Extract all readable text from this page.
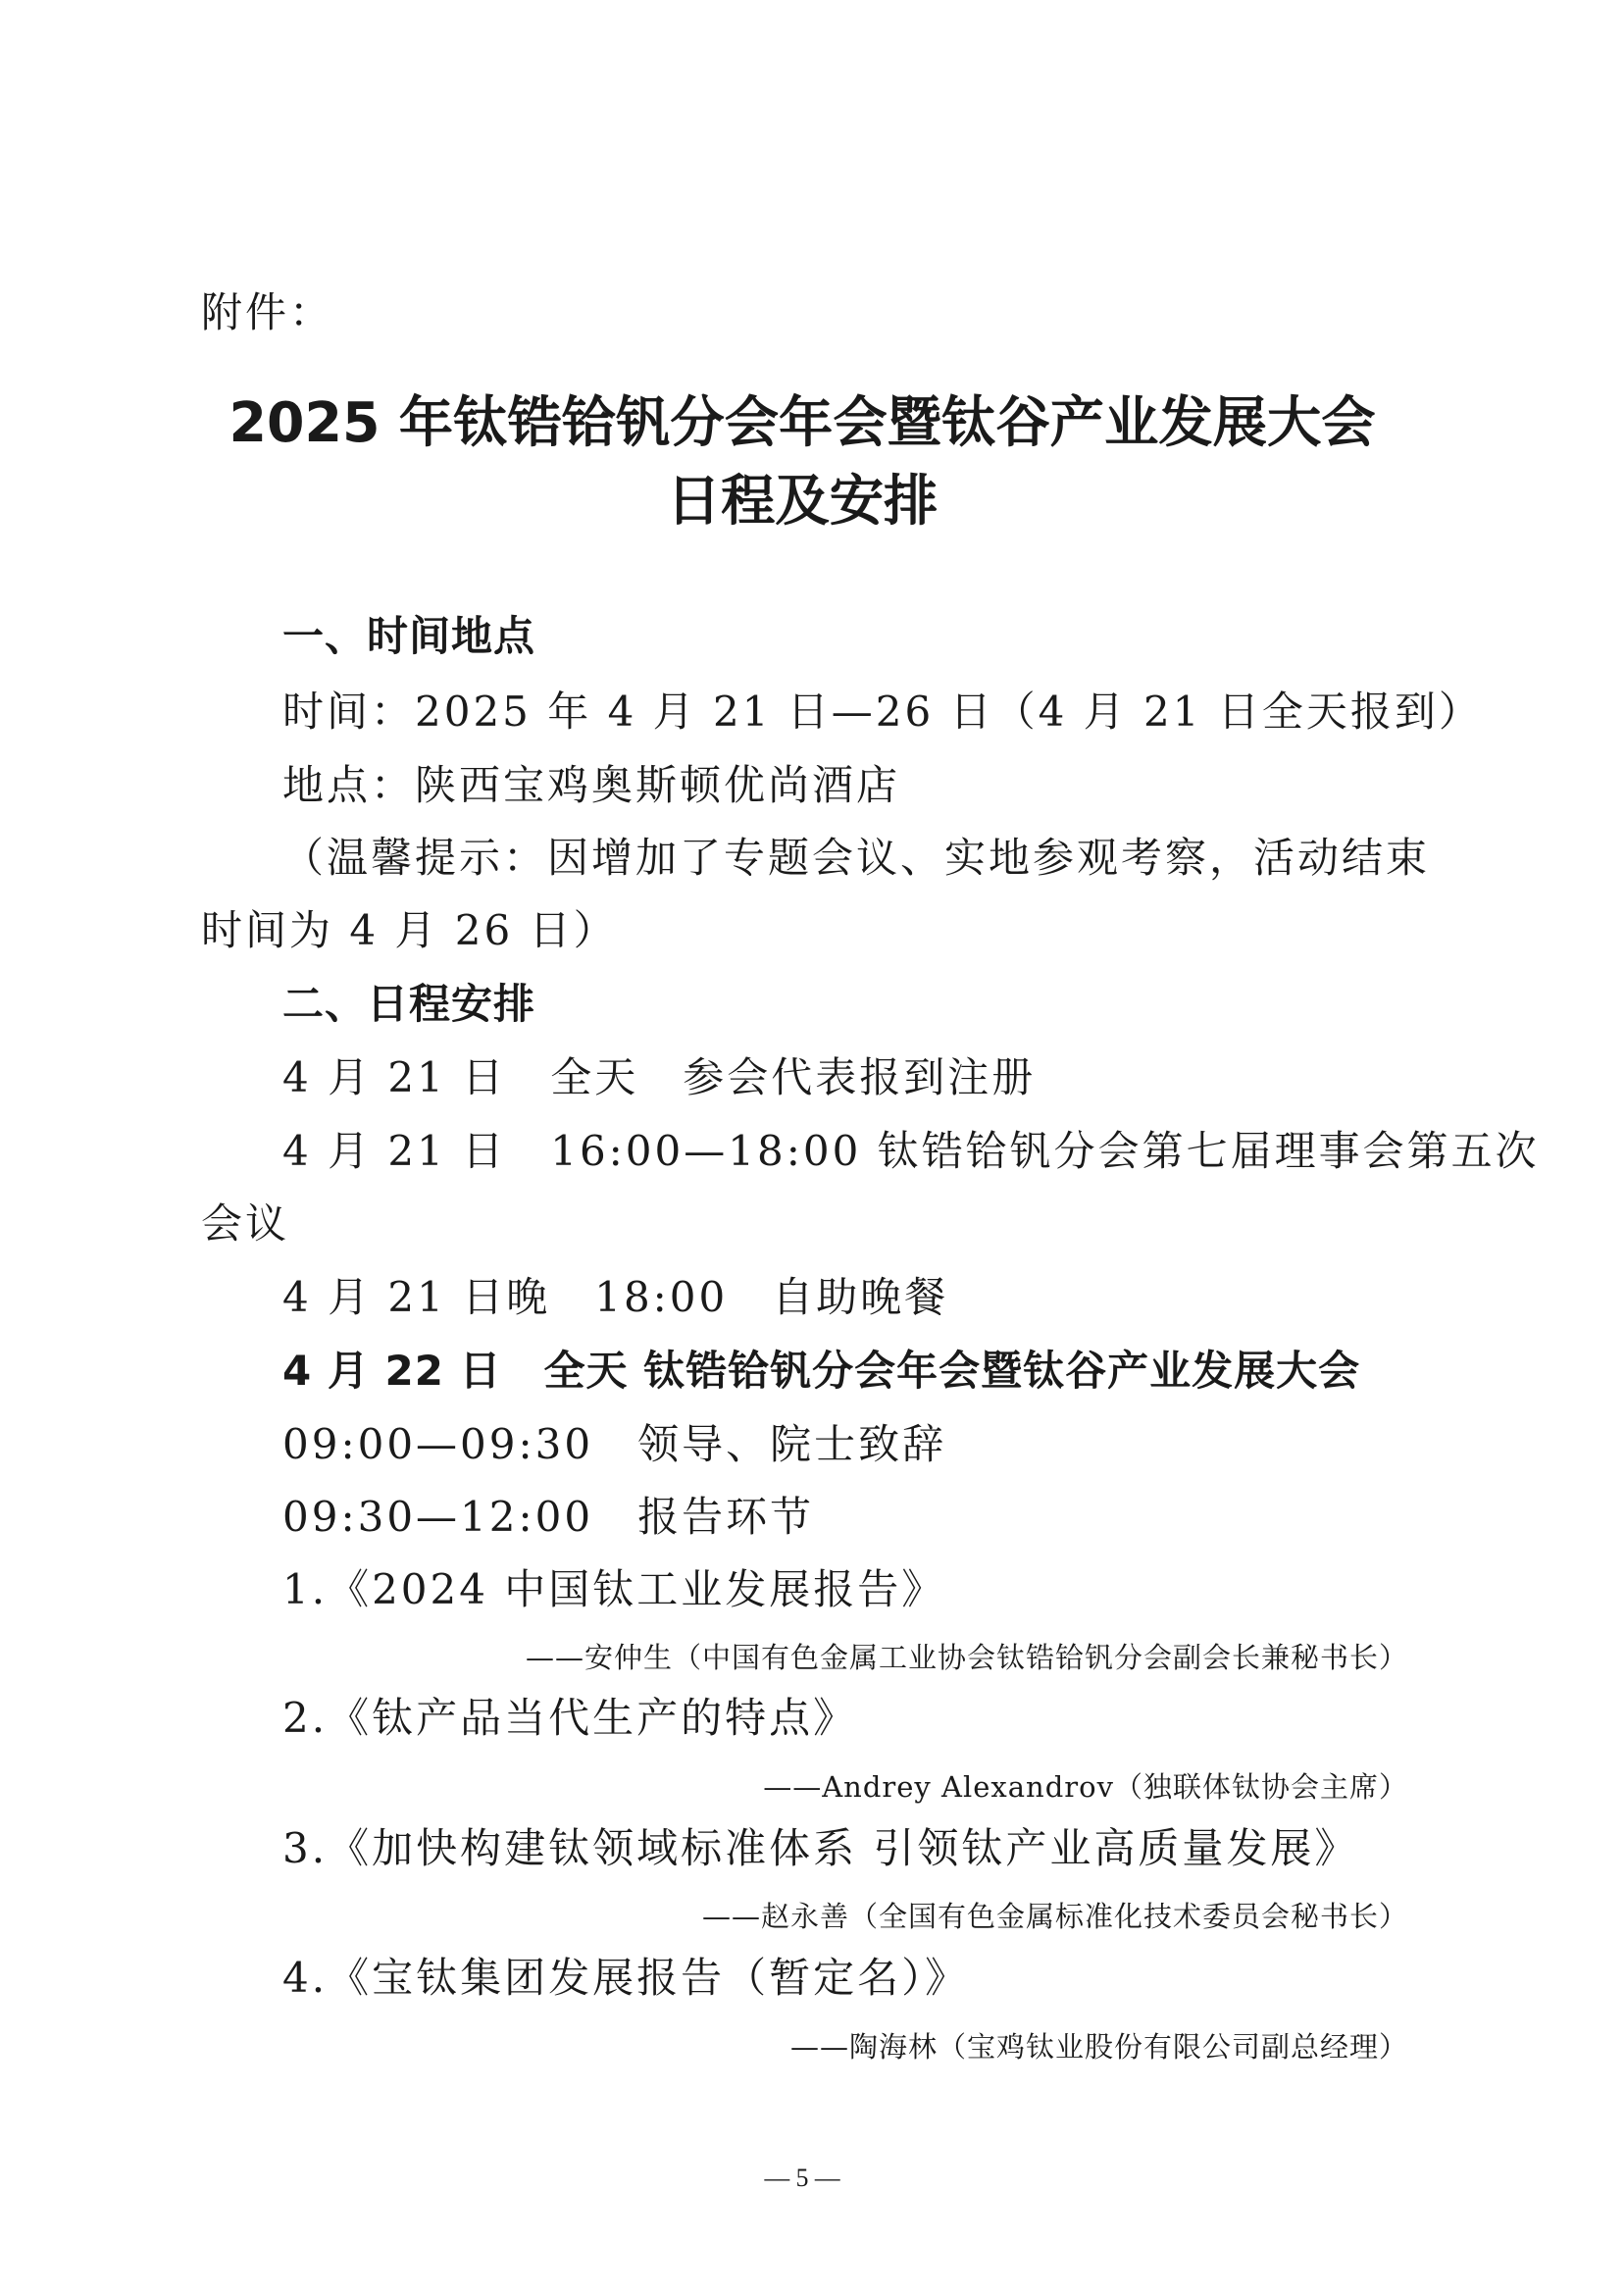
附件：
2025 年钛锆铪钒分会年会暨钛谷产业发展大会
日程及安排
一、时间地点
时间：2025 年 4 月 21 日—26 日（4 月 21 日全天报到）
地点：陕西宝鸡奥斯顿优尚酒店
（温馨提示：因增加了专题会议、实地参观考察，活动结束
时间为 4 月 26 日）
二、日程安排
4 月 21 日　全天　参会代表报到注册
4 月 21 日　16:00—18:00 钛锆铪钒分会第七届理事会第五次
会议
4 月 21 日晚　18:00　自助晚餐
4 月 22 日　全天 钛锆铪钒分会年会暨钛谷产业发展大会
09:00—09:30　领导、院士致辞
09:30—12:00　报告环节
1.《2024 中国钛工业发展报告》
——安仲生（中国有色金属工业协会钛锆铪钒分会副会长兼秘书长）
2.《钛产品当代生产的特点》
——Andrey Alexandrov（独联体钛协会主席）
3.《加快构建钛领域标准体系 引领钛产业高质量发展》
——赵永善（全国有色金属标准化技术委员会秘书长）
4.《宝钛集团发展报告（暂定名）》
——陶海林（宝鸡钛业股份有限公司副总经理）
— 5 —
